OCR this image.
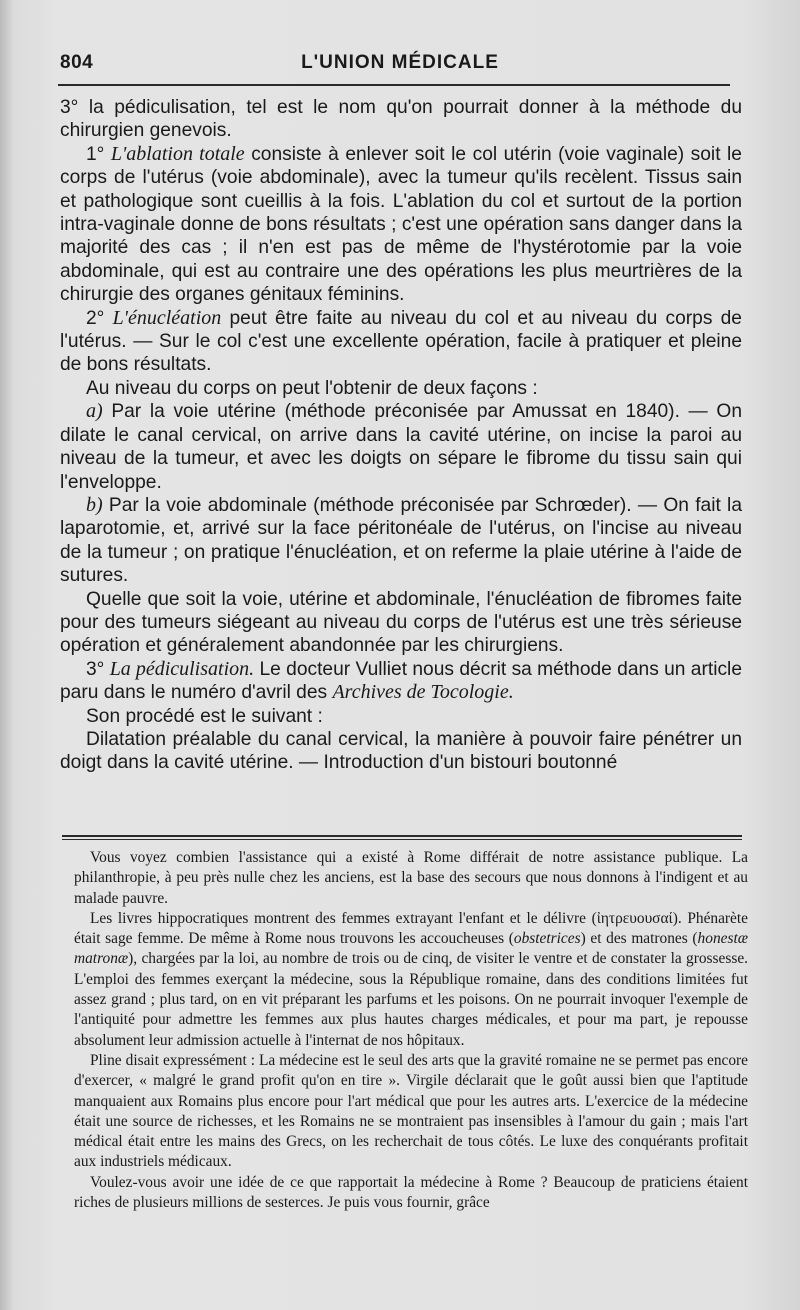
804	L'UNION MÉDICALE

3° la pédiculisation, tel est le nom qu'on pourrait donner à la méthode du chirurgien genevois.

1° L'ablation totale consiste à enlever soit le col utérin (voie vaginale) soit le corps de l'utérus (voie abdominale), avec la tumeur qu'ils recèlent. Tissus sain et pathologique sont cueillis à la fois. L'ablation du col et surtout de la portion intra-vaginale donne de bons résultats ; c'est une opération sans danger dans la majorité des cas ; il n'en est pas de même de l'hystérotomie par la voie abdominale, qui est au contraire une des opérations les plus meurtrières de la chirurgie des organes génitaux féminins.

2° L'énucléation peut être faite au niveau du col et au niveau du corps de l'utérus. — Sur le col c'est une excellente opération, facile à pratiquer et pleine de bons résultats.

Au niveau du corps on peut l'obtenir de deux façons :

a) Par la voie utérine (méthode préconisée par Amussat en 1840). — On dilate le canal cervical, on arrive dans la cavité utérine, on incise la paroi au niveau de la tumeur, et avec les doigts on sépare le fibrome du tissu sain qui l'enveloppe.

b) Par la voie abdominale (méthode préconisée par Schrœder). — On fait la laparotomie, et, arrivé sur la face péritonéale de l'utérus, on l'incise au niveau de la tumeur ; on pratique l'énucléation, et on referme la plaie utérine à l'aide de sutures.

Quelle que soit la voie, utérine et abdominale, l'énucléation de fibromes faite pour des tumeurs siégeant au niveau du corps de l'utérus est une très sérieuse opération et généralement abandonnée par les chirurgiens.

3° La pédiculisation. Le docteur Vulliet nous décrit sa méthode dans un article paru dans le numéro d'avril des Archives de Tocologie.

Son procédé est le suivant :

Dilatation préalable du canal cervical, la manière à pouvoir faire pénétrer un doigt dans la cavité utérine. — Introduction d'un bistouri boutonné

Vous voyez combien l'assistance qui a existé à Rome différait de notre assistance publique. La philanthropie, à peu près nulle chez les anciens, est la base des secours que nous donnons à l'indigent et au malade pauvre.

Les livres hippocratiques montrent des femmes extrayant l'enfant et le délivre (ἰητρευουσαί). Phénarète était sage femme. De même à Rome nous trouvons les accoucheuses (obstetrices) et des matrones (honestæ matronæ), chargées par la loi, au nombre de trois ou de cinq, de visiter le ventre et de constater la grossesse. L'emploi des femmes exerçant la médecine, sous la République romaine, dans des conditions limitées fut assez grand ; plus tard, on en vit préparant les parfums et les poisons. On ne pourrait invoquer l'exemple de l'antiquité pour admettre les femmes aux plus hautes charges médicales, et pour ma part, je repousse absolument leur admission actuelle à l'internat de nos hôpitaux.

Pline disait expressément : La médecine est le seul des arts que la gravité romaine ne se permet pas encore d'exercer, « malgré le grand profit qu'on en tire ». Virgile déclarait que le goût aussi bien que l'aptitude manquaient aux Romains plus encore pour l'art médical que pour les autres arts. L'exercice de la médecine était une source de richesses, et les Romains ne se montraient pas insensibles à l'amour du gain ; mais l'art médical était entre les mains des Grecs, on les recherchait de tous côtés. Le luxe des conquérants profitait aux industriels médicaux.

Voulez-vous avoir une idée de ce que rapportait la médecine à Rome ? Beaucoup de praticiens étaient riches de plusieurs millions de sesterces. Je puis vous fournir, grâce
